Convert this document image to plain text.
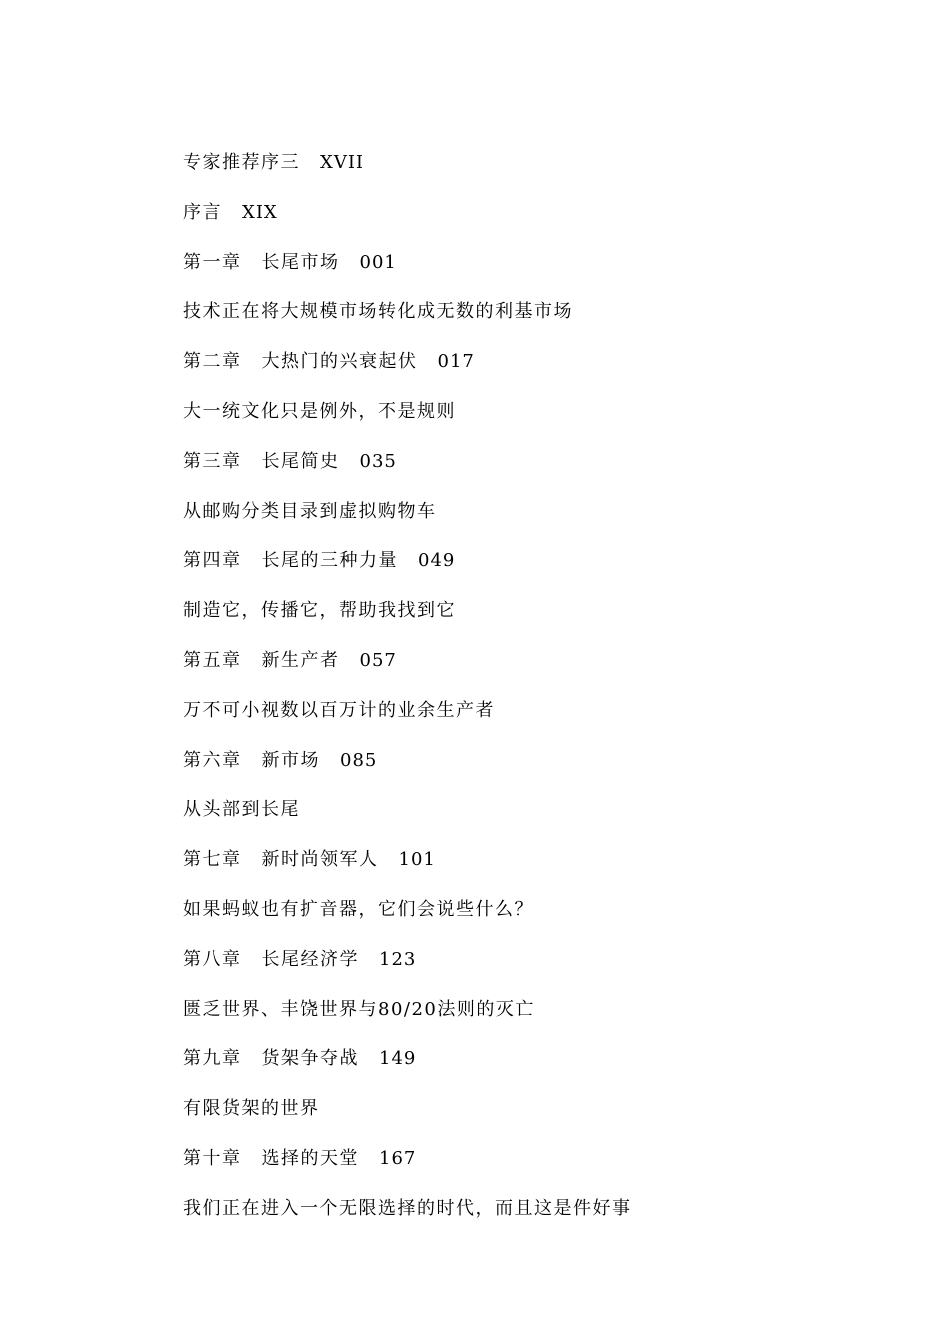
专家推荐序三 XVII
序言 XIX
第一章 长尾市场 001
技术正在将大规模市场转化成无数的利基市场
第二章 大热门的兴衰起伏 017
大一统文化只是例外，不是规则
第三章 长尾简史 035
从邮购分类目录到虚拟购物车
第四章 长尾的三种力量 049
制造它，传播它，帮助我找到它
第五章 新生产者 057
万不可小视数以百万计的业余生产者
第六章 新市场 085
从头部到长尾
第七章 新时尚领军人 101
如果蚂蚁也有扩音器，它们会说些什么？
第八章 长尾经济学 123
匮乏世界、丰饶世界与80/20法则的灭亡
第九章 货架争夺战 149
有限货架的世界
第十章 选择的天堂 167
我们正在进入一个无限选择的时代，而且这是件好事
